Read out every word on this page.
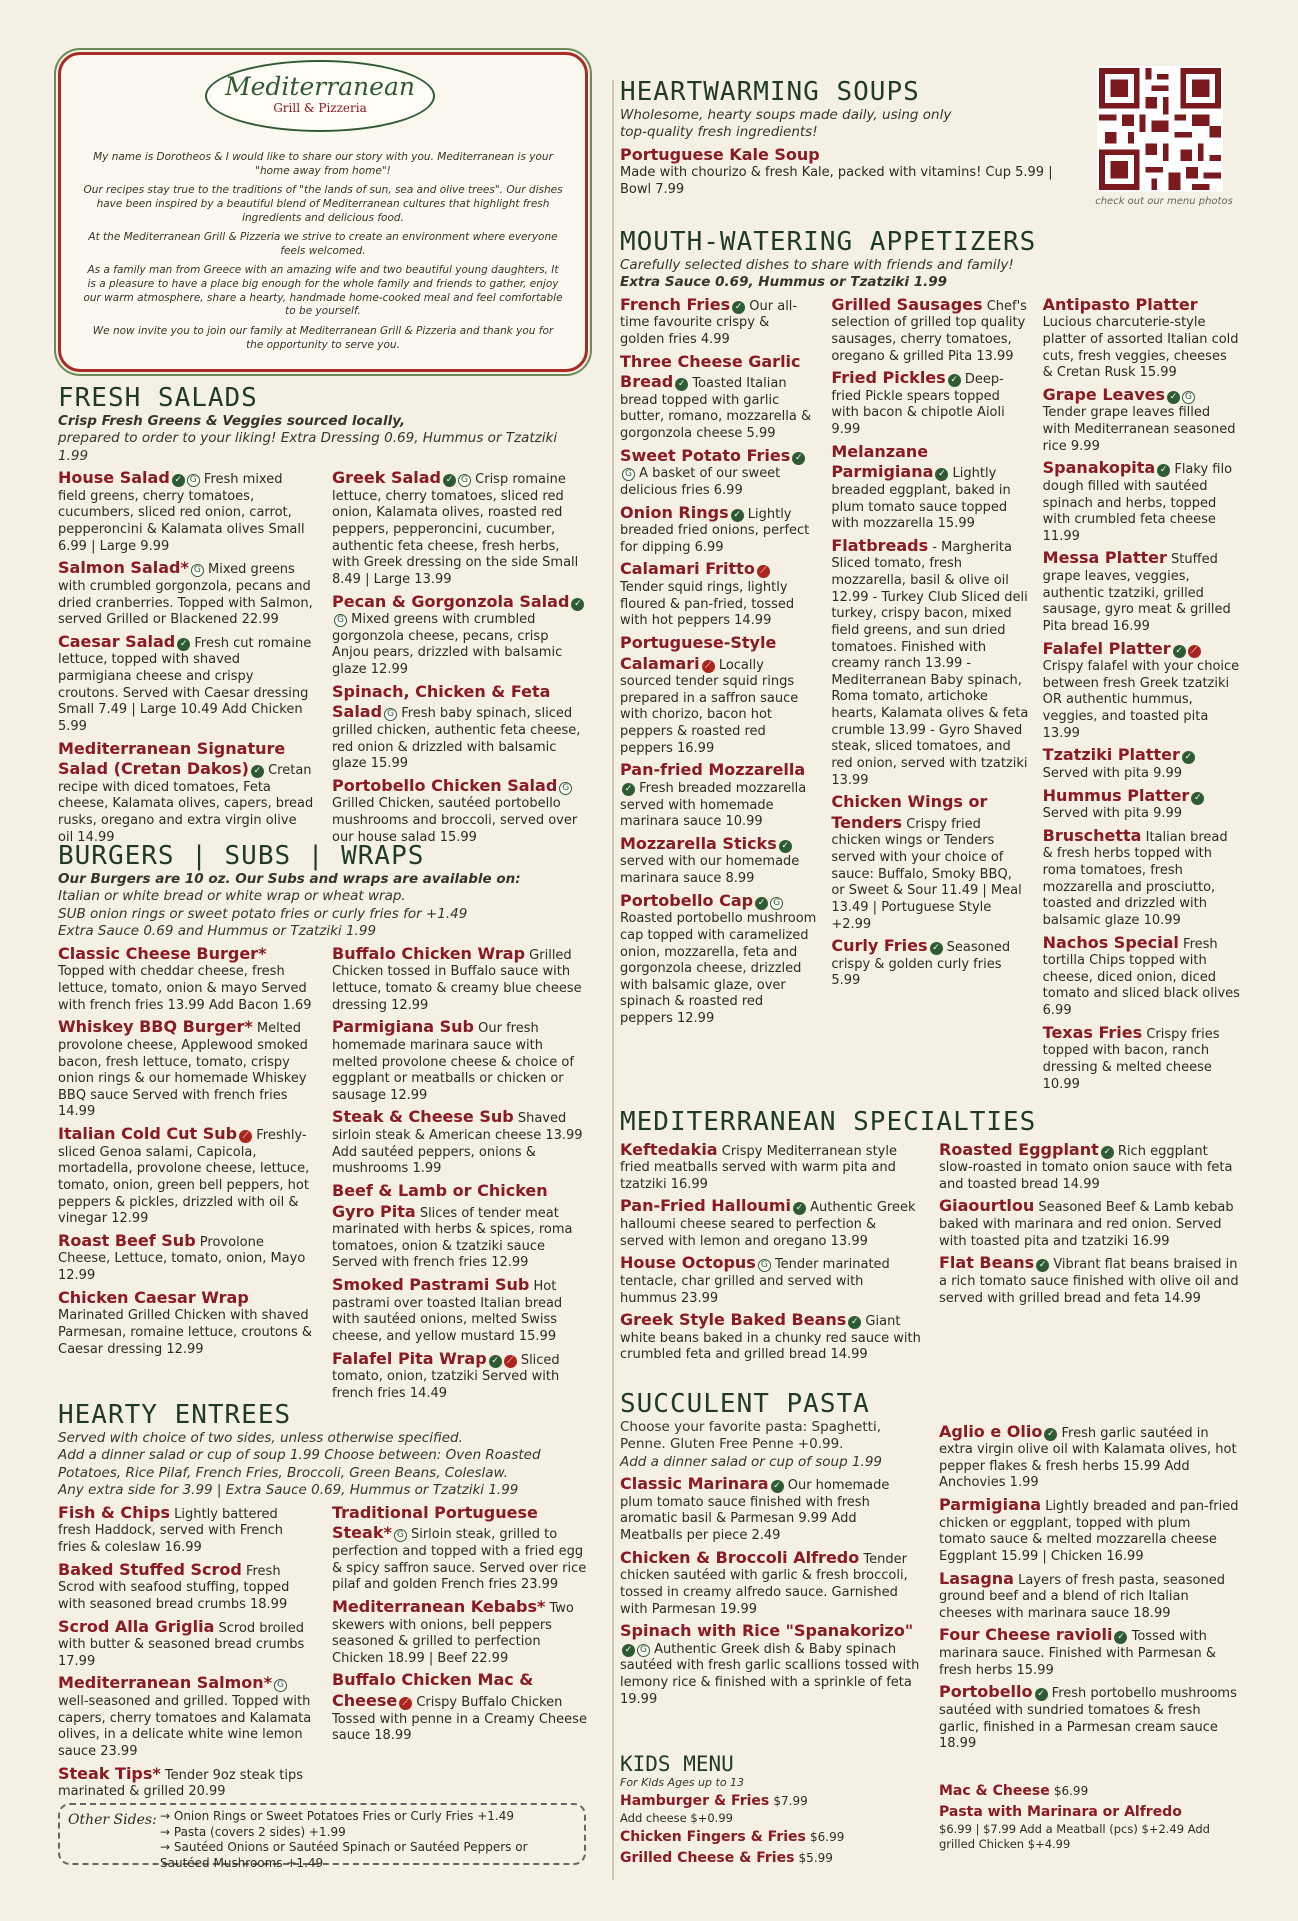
My name is Dorotheos & I would like to share our story with you. Mediterranean is your "home away from home"!

Our recipes stay true to the traditions of "the lands of sun, sea and olive trees". Our dishes have been inspired by a beautiful blend of Mediterranean cultures that highlight fresh ingredients and delicious food.

At the Mediterranean Grill & Pizzeria we strive to create an environment where everyone feels welcomed.

As a family man from Greece with an amazing wife and two beautiful young daughters, It is a pleasure to have a place big enough for the whole family and friends to gather, enjoy our warm atmosphere, share a hearty, handmade home-cooked meal and feel comfortable to be yourself.

We now invite you to join our family at Mediterranean Grill & Pizzeria and thank you for the opportunity to serve you.

Mediterranean
Grill & Pizzeria
check out our menu photos
FRESH SALADS
Crisp Fresh Greens & Veggies sourced locally,
prepared to order to your liking! Extra Dressing 0.69, Hummus or Tzatziki 1.99
House Salad ✓ G Fresh mixed field greens, cherry tomatoes, cucumbers, sliced red onion, carrot, pepperoncini & Kalamata olives Small 6.99 | Large 9.99
Salmon Salad* G Mixed greens with crumbled gorgonzola, pecans and dried cranberries. Topped with Salmon, served Grilled or Blackened 22.99
Caesar Salad ✓ Fresh cut romaine lettuce, topped with shaved parmigiana cheese and crispy croutons. Served with Caesar dressing Small 7.49 | Large 10.49 Add Chicken 5.99
Mediterranean Signature Salad (Cretan Dakos) ✓ Cretan recipe with diced tomatoes, Feta cheese, Kalamata olives, capers, bread rusks, oregano and extra virgin olive oil 14.99
Greek Salad ✓ G Crisp romaine lettuce, cherry tomatoes, sliced red onion, Kalamata olives, roasted red peppers, pepperoncini, cucumber, authentic feta cheese, fresh herbs, with Greek dressing on the side Small 8.49 | Large 13.99
Pecan & Gorgonzola Salad ✓G Mixed greens with crumbled gorgonzola cheese, pecans, crisp Anjou pears, drizzled with balsamic glaze 12.99
Spinach, Chicken & Feta Salad G Fresh baby spinach, sliced grilled chicken, authentic feta cheese, red onion & drizzled with balsamic glaze 15.99
Portobello Chicken Salad G Grilled Chicken, sautéed portobello mushrooms and broccoli, served over our house salad 15.99
BURGERS | SUBS | WRAPS
Our Burgers are 10 oz. Our Subs and wraps are available on:
Italian or white bread or white wrap or wheat wrap.
SUB onion rings or sweet potato fries or curly fries for +1.49
Extra Sauce 0.69 and Hummus or Tzatziki 1.99
Classic Cheese Burger* Topped with cheddar cheese, fresh lettuce, tomato, onion & mayo Served with french fries 13.99 Add Bacon 1.69
Whiskey BBQ Burger* Melted provolone cheese, Applewood smoked bacon, fresh lettuce, tomato, crispy onion rings & our homemade Whiskey BBQ sauce Served with french fries 14.99
Italian Cold Cut Sub ⟋ Freshly-sliced Genoa salami, Capicola, mortadella, provolone cheese, lettuce, tomato, onion, green bell peppers, hot peppers & pickles, drizzled with oil & vinegar 12.99
Roast Beef Sub Provolone Cheese, Lettuce, tomato, onion, Mayo 12.99
Chicken Caesar Wrap Marinated Grilled Chicken with shaved Parmesan, romaine lettuce, croutons & Caesar dressing 12.99
Buffalo Chicken Wrap Grilled Chicken tossed in Buffalo sauce with lettuce, tomato & creamy blue cheese dressing 12.99
Parmigiana Sub Our fresh homemade marinara sauce with melted provolone cheese & choice of eggplant or meatballs or chicken or sausage 12.99
Steak & Cheese Sub Shaved sirloin steak & American cheese 13.99 Add sautéed peppers, onions & mushrooms 1.99
Beef & Lamb or Chicken Gyro Pita Slices of tender meat marinated with herbs & spices, roma tomatoes, onion & tzatziki sauce Served with french fries 12.99
Smoked Pastrami Sub Hot pastrami over toasted Italian bread with sautéed onions, melted Swiss cheese, and yellow mustard 15.99
Falafel Pita Wrap ✓ ⟋ Sliced tomato, onion, tzatziki Served with french fries 14.49
HEARTY ENTREES
Served with choice of two sides, unless otherwise specified.
Add a dinner salad or cup of soup 1.99 Choose between: Oven Roasted Potatoes, Rice Pilaf, French Fries, Broccoli, Green Beans, Coleslaw.
Any extra side for 3.99 | Extra Sauce 0.69, Hummus or Tzatziki 1.99
Fish & Chips Lightly battered fresh Haddock, served with French fries & coleslaw 16.99
Baked Stuffed Scrod Fresh Scrod with seafood stuffing, topped with seasoned bread crumbs 18.99
Scrod Alla Griglia Scrod broiled with butter & seasoned bread crumbs 17.99
Mediterranean Salmon* G well-seasoned and grilled. Topped with capers, cherry tomatoes and Kalamata olives, in a delicate white wine lemon sauce 23.99
Steak Tips* Tender 9oz steak tips marinated & grilled 20.99
Traditional Portuguese Steak* G Sirloin steak, grilled to perfection and topped with a fried egg & spicy saffron sauce. Served over rice pilaf and golden French fries 23.99
Mediterranean Kebabs* Two skewers with onions, bell peppers seasoned & grilled to perfection Chicken 18.99 | Beef 22.99
Buffalo Chicken Mac & Cheese ⟋ Crispy Buffalo Chicken Tossed with penne in a Creamy Cheese sauce 18.99
Other Sides: → Onion Rings or Sweet Potatoes Fries or Curly Fries +1.49
→ Pasta (covers 2 sides) +1.99
→ Sautéed Onions or Sautéed Spinach or Sautéed Peppers or Sautéed Mushrooms +1.49
HEARTWARMING SOUPS
Wholesome, hearty soups made daily, using only
top-quality fresh ingredients!
Portuguese Kale Soup
Made with chourizo & fresh Kale, packed with vitamins! Cup 5.99 | Bowl 7.99
MOUTH-WATERING APPETIZERS
Carefully selected dishes to share with friends and family!
Extra Sauce 0.69, Hummus or Tzatziki 1.99
French Fries ✓ Our all-time favourite crispy & golden fries 4.99
Three Cheese Garlic Bread ✓ Toasted Italian bread topped with garlic butter, romano, mozzarella & gorgonzola cheese 5.99
Sweet Potato Fries ✓G A basket of our sweet delicious fries 6.99
Onion Rings ✓ Lightly breaded fried onions, perfect for dipping 6.99
Calamari Fritto ⟋ Tender squid rings, lightly floured & pan-fried, tossed with hot peppers 14.99
Portuguese-Style Calamari ⟋ Locally sourced tender squid rings prepared in a saffron sauce with chorizo, bacon hot peppers & roasted red peppers 16.99
Pan-fried Mozzarella✓ Fresh breaded mozzarella served with homemade marinara sauce 10.99
Mozzarella Sticks ✓ served with our homemade marinara sauce 8.99
Portobello Cap ✓ G Roasted portobello mushroom cap topped with caramelized onion, mozzarella, feta and gorgonzola cheese, drizzled with balsamic glaze, over spinach & roasted red peppers 12.99
Grilled Sausages Chef's selection of grilled top quality sausages, cherry tomatoes, oregano & grilled Pita 13.99
Fried Pickles ✓ Deep-fried Pickle spears topped with bacon & chipotle Aioli 9.99
Melanzane Parmigiana ✓ Lightly breaded eggplant, baked in plum tomato sauce topped with mozzarella 15.99
Flatbreads - Margherita Sliced tomato, fresh mozzarella, basil & olive oil 12.99 - Turkey Club Sliced deli turkey, crispy bacon, mixed field greens, and sun dried tomatoes. Finished with creamy ranch 13.99 - Mediterranean Baby spinach, Roma tomato, artichoke hearts, Kalamata olives & feta crumble 13.99 - Gyro Shaved steak, sliced tomatoes, and red onion, served with tzatziki 13.99
Chicken Wings or Tenders Crispy fried chicken wings or Tenders served with your choice of sauce: Buffalo, Smoky BBQ, or Sweet & Sour 11.49 | Meal 13.49 | Portuguese Style +2.99
Curly Fries ✓ Seasoned crispy & golden curly fries 5.99
Antipasto Platter Lucious charcuterie-style platter of assorted Italian cold cuts, fresh veggies, cheeses & Cretan Rusk 15.99
Grape Leaves ✓ G Tender grape leaves filled with Mediterranean seasoned rice 9.99
Spanakopita ✓ Flaky filo dough filled with sautéed spinach and herbs, topped with crumbled feta cheese 11.99
Messa Platter Stuffed grape leaves, veggies, authentic tzatziki, grilled sausage, gyro meat & grilled Pita bread 16.99
Falafel Platter ✓ ⟋ Crispy falafel with your choice between fresh Greek tzatziki OR authentic hummus, veggies, and toasted pita 13.99
Tzatziki Platter ✓ Served with pita 9.99
Hummus Platter ✓ Served with pita 9.99
Bruschetta Italian bread & fresh herbs topped with roma tomatoes, fresh mozzarella and prosciutto, toasted and drizzled with balsamic glaze 10.99
Nachos Special Fresh tortilla Chips topped with cheese, diced onion, diced tomato and sliced black olives 6.99
Texas Fries Crispy fries topped with bacon, ranch dressing & melted cheese 10.99
MEDITERRANEAN SPECIALTIES
Keftedakia Crispy Mediterranean style fried meatballs served with warm pita and tzatziki 16.99
Pan-Fried Halloumi ✓ Authentic Greek halloumi cheese seared to perfection & served with lemon and oregano 13.99
House Octopus G Tender marinated tentacle, char grilled and served with hummus 23.99
Greek Style Baked Beans ✓ Giant white beans baked in a chunky red sauce with crumbled feta and grilled bread 14.99
Roasted Eggplant ✓ Rich eggplant slow-roasted in tomato onion sauce with feta and toasted bread 14.99
Giaourtlou Seasoned Beef & Lamb kebab baked with marinara and red onion. Served with toasted pita and tzatziki 16.99
Flat Beans ✓ Vibrant flat beans braised in a rich tomato sauce finished with olive oil and served with grilled bread and feta 14.99
SUCCULENT PASTA
Choose your favorite pasta: Spaghetti, Penne. Gluten Free Penne +0.99.
Add a dinner salad or cup of soup 1.99
Classic Marinara ✓ Our homemade plum tomato sauce finished with fresh aromatic basil & Parmesan 9.99 Add Meatballs per piece 2.49
Chicken & Broccoli Alfredo Tender chicken sautéed with garlic & fresh broccoli, tossed in creamy alfredo sauce. Garnished with Parmesan 19.99
Spinach with Rice "Spanakorizo"✓ G Authentic Greek dish & Baby spinach sautéed with fresh garlic scallions tossed with lemony rice & finished with a sprinkle of feta 19.99
Aglio e Olio ✓ Fresh garlic sautéed in extra virgin olive oil with Kalamata olives, hot pepper flakes & fresh herbs 15.99 Add Anchovies 1.99
Parmigiana Lightly breaded and pan-fried chicken or eggplant, topped with plum tomato sauce & melted mozzarella cheese Eggplant 15.99 | Chicken 16.99
Lasagna Layers of fresh pasta, seasoned ground beef and a blend of rich Italian cheeses with marinara sauce 18.99
Four Cheese ravioli ✓ Tossed with marinara sauce. Finished with Parmesan & fresh herbs 15.99
Portobello ✓ Fresh portobello mushrooms sautéed with sundried tomatoes & fresh garlic, finished in a Parmesan cream sauce 18.99
KIDS MENU
For Kids Ages up to 13
Hamburger & Fries $7.99
Add cheese $+0.99
Chicken Fingers & Fries $6.99
Grilled Cheese & Fries $5.99
Mac & Cheese $6.99
Pasta with Marinara or Alfredo
$6.99 | $7.99 Add a Meatball (pcs) $+2.49 Add grilled Chicken $+4.99
